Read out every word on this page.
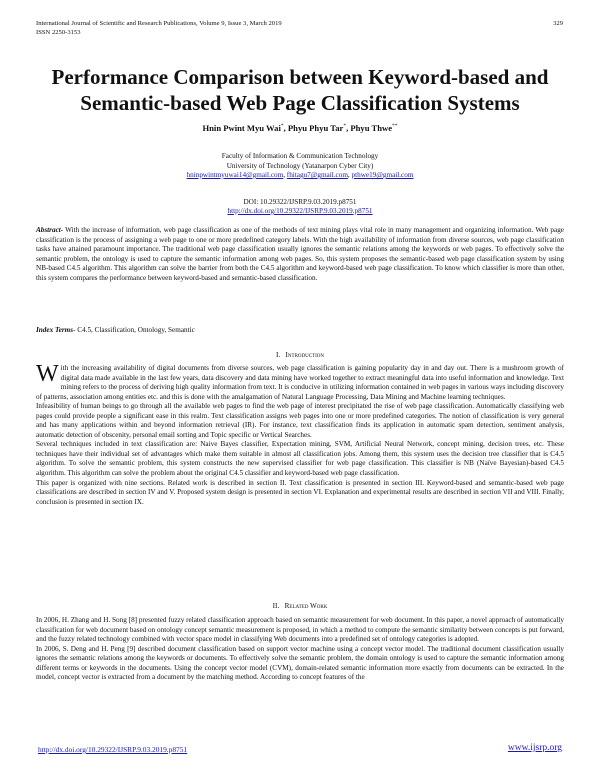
International Journal of Scientific and Research Publications, Volume 9, Issue 3, March 2019
ISSN 2250-3153
329
Performance Comparison between Keyword-based and
Semantic-based Web Page Classification Systems
Hnin Pwint Myu Wai*, Phyu Phyu Tar*, Phyu Thwe**
Faculty of Information & Communication Technology
University of Technology (Yatanarpon Cyber City)
hninpwintmyuwai14@gmail.com, fhitagu7@gmail.com, pthwe19@gmail.com
DOI: 10.29322/IJSRP.9.03.2019.p8751
http://dx.doi.org/10.29322/IJSRP.9.03.2019.p8751

Abstract- With the increase of information, web page classification as one of the methods of text mining plays vital role in many management and organizing information. Web page classification is the process of assigning a web page to one or more predefined category labels. With the high availability of information from diverse sources, web page classification tasks have attained paramount importance. The traditional web page classification usually ignores the semantic relations among the keywords or web pages. To effectively solve the semantic problem, the ontology is used to capture the semantic information among web pages. So, this system proposes the semantic-based web page classification system by using NB-based C4.5 algorithm. This algorithm can solve the barrier from both the C4.5 algorithm and keyword-based web page classification. To know which classifier is more than other, this system compares the performance between keyword-based and semantic-based classification.

Index Terms- C4.5, Classification, Ontology, Semantic

I. Introduction

With the increasing availability of digital documents from diverse sources, web page classification is gaining popularity day in and day out. There is a mushroom growth of digital data made available in the last few years, data discovery and data mining have worked together to extract meaningful data into useful information and knowledge. Text mining refers to the process of deriving high quality information from text. It is conducive in utilizing information contained in web pages in various ways including discovery of patterns, association among entities etc. and this is done with the amalgamation of Natural Language Processing, Data Mining and Machine learning techniques.

Infeasibility of human beings to go through all the available web pages to find the web page of interest precipitated the rise of web page classification. Automatically classifying web pages could provide people a significant ease in this realm. Text classification assigns web pages into one or more predefined categories. The notion of classification is very general and has many applications within and beyond information retrieval (IR). For instance, text classification finds its application in automatic spam detection, sentiment analysis, automatic detection of obscenity, personal email sorting and Topic specific or Vertical Searches.

Several techniques included in text classification are: Naive Bayes classifier, Expectation mining, SVM, Artificial Neural Network, concept mining, decision trees, etc. These techniques have their individual set of advantages which make them suitable in almost all classification jobs. Among them, this system uses the decision tree classifier that is C4.5 algorithm. To solve the semantic problem, this system constructs the new supervised classifier for web page classification. This classifier is NB (Naïve Bayesian)-based C4.5 algorithm. This algorithm can solve the problem about the original C4.5 classifier and keyword-based web page classification.

This paper is organized with nine sections. Related work is described in section II. Text classification is presented in section III. Keyword-based and semantic-based web page classifications are described in section IV and V. Proposed system design is presented in section VI. Explanation and experimental results are described in section VII and VIII. Finally, conclusion is presented in section IX.

II. Related Work

In 2006, H. Zhang and H. Song [8] presented fuzzy related classification approach based on semantic measurement for web document. In this paper, a novel approach of automatically classification for web document based on ontology concept semantic measurement is proposed, in which a method to compute the semantic similarity between concepts is put forward, and the fuzzy related technology combined with vector space model in classifying Web documents into a predefined set of ontology categories is adopted.

In 2006, S. Deng and H. Peng [9] described document classification based on support vector machine using a concept vector model. The traditional document classification usually ignores the semantic relations among the keywords or documents. To effectively solve the semantic problem, the domain ontology is used to capture the semantic information among different terms or keywords in the documents. Using the concept vector model (CVM), domain-related semantic information more exactly from documents can be extracted. In the model, concept vector is extracted from a document by the matching method. According to concept features of the

http://dx.doi.org/10.29322/IJSRP.9.03.2019.p8751	www.ijsrp.org
